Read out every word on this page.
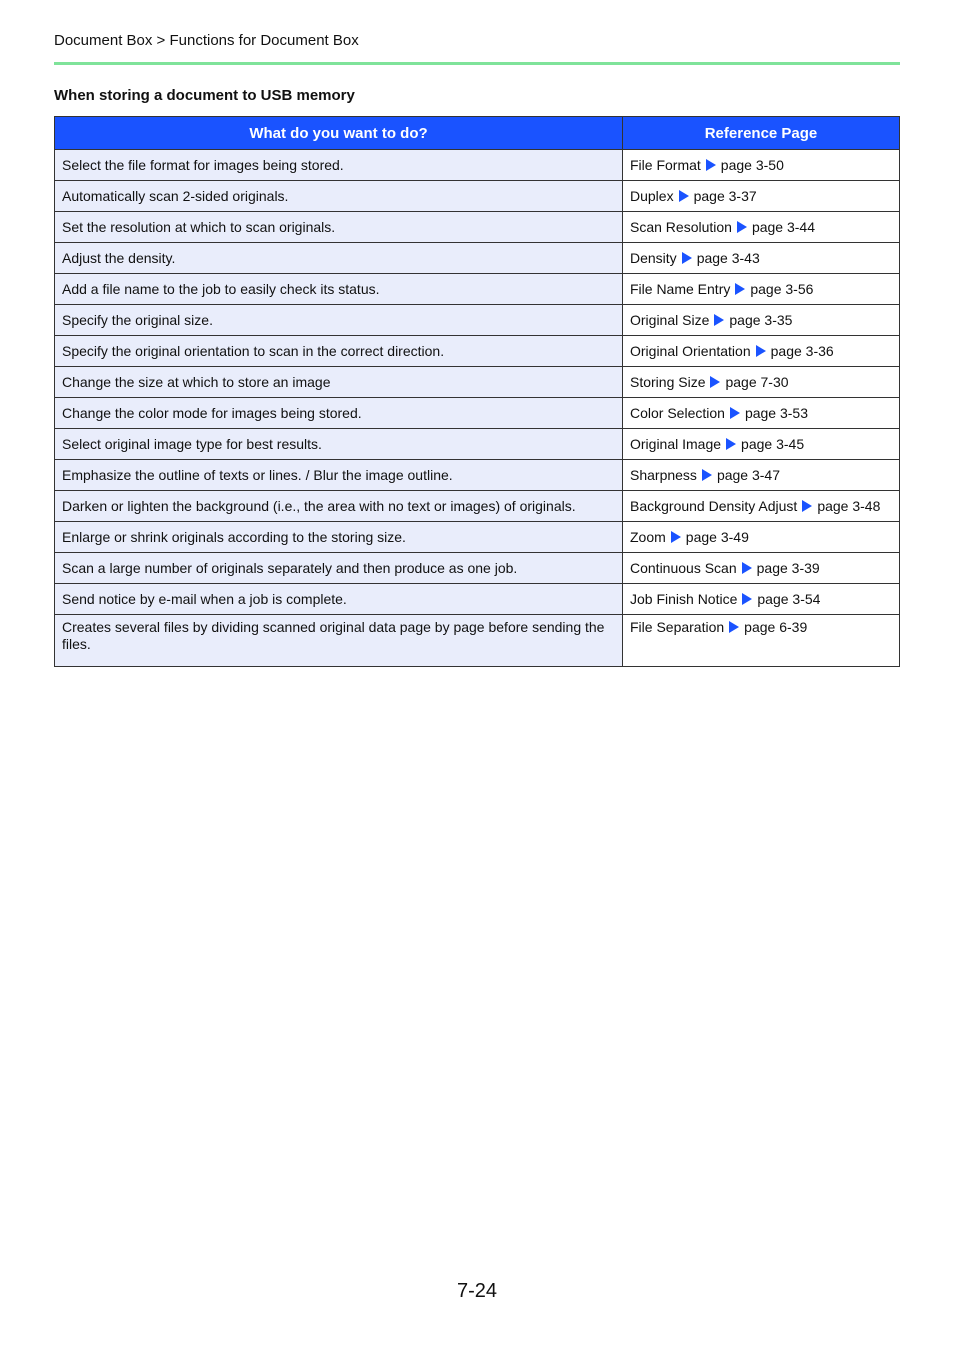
Document Box > Functions for Document Box
When storing a document to USB memory
What do you want to do?	Reference Page
Select the file format for images being stored.	File Format page 3-50
Automatically scan 2-sided originals.	Duplex page 3-37
Set the resolution at which to scan originals.	Scan Resolution page 3-44
Adjust the density.	Density page 3-43
Add a file name to the job to easily check its status.	File Name Entry page 3-56
Specify the original size.	Original Size page 3-35
Specify the original orientation to scan in the correct direction.	Original Orientation page 3-36
Change the size at which to store an image	Storing Size page 7-30
Change the color mode for images being stored.	Color Selection page 3-53
Select original image type for best results.	Original Image page 3-45
Emphasize the outline of texts or lines. / Blur the image outline.	Sharpness page 3-47
Darken or lighten the background (i.e., the area with no text or images) of originals.	Background Density Adjust page 3-48
Enlarge or shrink originals according to the storing size.	Zoom page 3-49
Scan a large number of originals separately and then produce as one job.	Continuous Scan page 3-39
Send notice by e-mail when a job is complete.	Job Finish Notice page 3-54
Creates several files by dividing scanned original data page by page before sending the files.	File Separation page 6-39
7-24
